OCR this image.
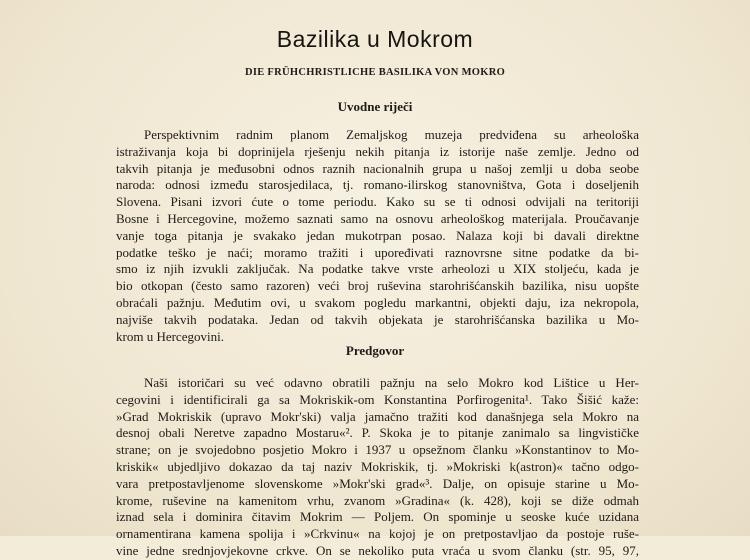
Bazilika u Mokrom
DIE FRÜHCHRISTLICHE BASILIKA VON MOKRO
Uvodne riječi
Perspektivnim radnim planom Zemaljskog muzeja predviđena su arheološka
istraživanja koja bi doprinijela rješenju nekih pitanja iz istorije naše zemlje. Jedno od
takvih pitanja je međusobni odnos raznih nacionalnih grupa u našoj zemlji u doba seobe
naroda: odnosi između starosjedilaca, tj. romano-ilirskog stanovništva, Gota i doseljenih
Slovena. Pisani izvori ćute o tome periodu. Kako su se ti odnosi odvijali na teritoriji
Bosne i Hercegovine, možemo saznati samo na osnovu arheološkog materijala. Proučavanje
vanje toga pitanja je svakako jedan mukotrpan posao. Nalaza koji bi davali direktne
podatke teško je naći; moramo tražiti i upoređivati raznovrsne sitne podatke da bi-
smo iz njih izvukli zaključak. Na podatke takve vrste arheolozi u XIX stoljeću, kada je
bio otkopan (često samo razoren) veći broj ruševina starohrišćanskih bazilika, nisu uopšte
obraćali pažnju. Međutim ovi, u svakom pogledu markantni, objekti daju, iza nekropola,
najviše takvih podataka. Jedan od takvih objekata je starohrišćanska bazilika u Mo-
krom u Hercegovini.
Predgovor
Naši istoričari su već odavno obratili pažnju na selo Mokro kod Lištice u Her-
cegovini i identificirali ga sa Mokriskik-om Konstantina Porfirogenita¹. Tako Šišić kaže:
»Grad Mokriskik (upravo Mokr'ski) valja jamačno tražiti kod današnjega sela Mokro na
desnoj obali Neretve zapadno Mostaru«². P. Skoka je to pitanje zanimalo sa lingvističke
strane; on je svojedobno posjetio Mokro i 1937 u opsežnom članku »Konstantinov to Mo-
kriskik« ubjedljivo dokazao da taj naziv Mokriskik, tj. »Mokriski k(astron)« tačno odgo-
vara pretpostavljenome slovenskome »Mokr'ski grad«³. Dalje, on opisuje starine u Mo-
krome, ruševine na kamenitom vrhu, zvanom »Gradina« (k. 428), koji se diže odmah
iznad sela i dominira čitavim Mokrim — Poljem. On spominje u seoske kuće uzidana
ornamentirana kamena spolija i »Crkvinu« na kojoj je on pretpostavljao da postoje ruše-
vine jedne srednjovjekovne crkve. On se nekoliko puta vraća u svom članku (str. 95, 97,
